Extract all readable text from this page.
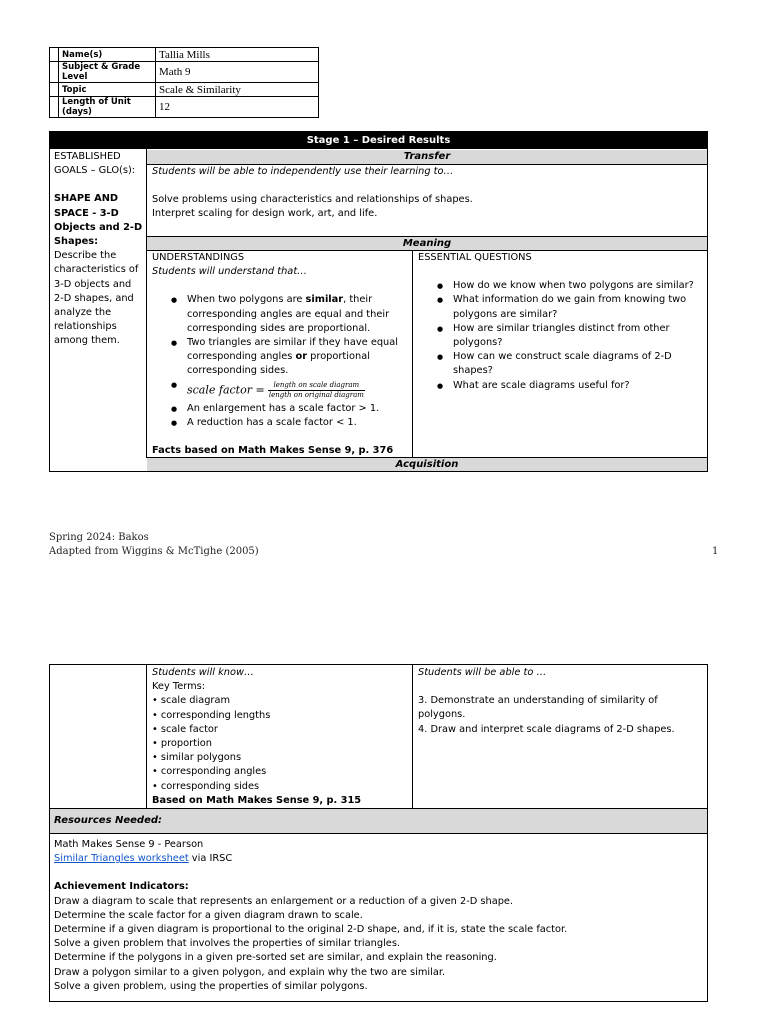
	Name(s)	Tallia Mills
	Subject & Grade Level	Math 9
	Topic	Scale & Similarity
	Length of Unit (days)	12
Stage 1 – Desired Results
Transfer
ESTABLISHED GOALS – GLO(s):
SHAPE AND SPACE - 3-D Objects and 2-D Shapes:
Describe the characteristics of 3-D objects and 2-D shapes, and analyze the relationships among them.
Students will be able to independently use their learning to…
Solve problems using characteristics and relationships of shapes.
Interpret scaling for design work, art, and life.
Meaning
UNDERSTANDINGS
Students will understand that…
● When two polygons are similar, their corresponding angles are equal and their corresponding sides are proportional.
● Two triangles are similar if they have equal corresponding angles or proportional corresponding sides.
● scale factor =	length on scale diagram
length on original diagram
● An enlargement has a scale factor > 1.
● A reduction has a scale factor < 1.
Facts based on Math Makes Sense 9, p. 376
ESSENTIAL QUESTIONS
● How do we know when two polygons are similar?
● What information do we gain from knowing two polygons are similar?
● How are similar triangles distinct from other polygons?
● How can we construct scale diagrams of 2-D shapes?
● What are scale diagrams useful for?
Acquisition
Spring 2024: Bakos
Adapted from Wiggins & McTighe (2005)	1
Students will know…
Key Terms:
• scale diagram
• corresponding lengths
• scale factor
• proportion
• similar polygons
• corresponding angles
• corresponding sides
Based on Math Makes Sense 9, p. 315
Students will be able to …
3. Demonstrate an understanding of similarity of polygons.
4. Draw and interpret scale diagrams of 2-D shapes.
Resources Needed:
Math Makes Sense 9 - Pearson
Similar Triangles worksheet via IRSC
Achievement Indicators:
Draw a diagram to scale that represents an enlargement or a reduction of a given 2-D shape.
Determine the scale factor for a given diagram drawn to scale.
Determine if a given diagram is proportional to the original 2-D shape, and, if it is, state the scale factor.
Solve a given problem that involves the properties of similar triangles.
Determine if the polygons in a given pre-sorted set are similar, and explain the reasoning.
Draw a polygon similar to a given polygon, and explain why the two are similar.
Solve a given problem, using the properties of similar polygons.
